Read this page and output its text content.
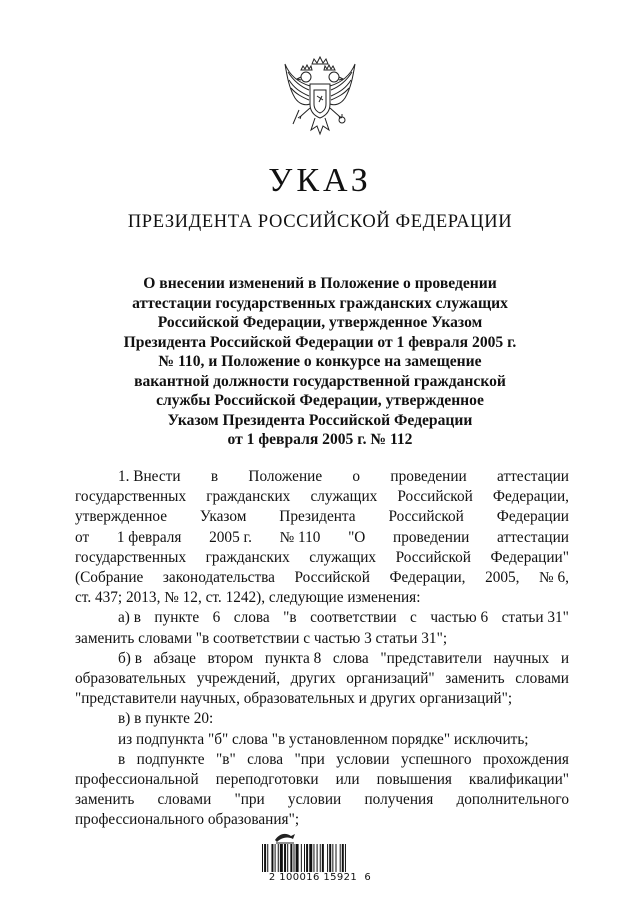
УКАЗ
ПРЕЗИДЕНТА РОССИЙСКОЙ ФЕДЕРАЦИИ
О внесении изменений в Положение о проведении
аттестации государственных гражданских служащих
Российской Федерации, утвержденное Указом
Президента Российской Федерации от 1 февраля 2005 г.
№ 110, и Положение о конкурсе на замещение
вакантной должности государственной гражданской
службы Российской Федерации, утвержденное
Указом Президента Российской Федерации
от 1 февраля 2005 г. № 112
1. Внести в Положение о проведении аттестации
государственных гражданских служащих Российской Федерации,
утвержденное Указом Президента Российской Федерации
от 1 февраля 2005 г. № 110 "О проведении аттестации
государственных гражданских служащих Российской Федерации"
(Собрание законодательства Российской Федерации, 2005, № 6,
ст. 437; 2013, № 12, ст. 1242), следующие изменения:
а) в пункте 6 слова "в соответствии с частью 6 статьи 31"
заменить словами "в соответствии с частью 3 статьи 31";
б) в абзаце втором пункта 8 слова "представители научных и
образовательных учреждений, других организаций" заменить словами
"представители научных, образовательных и других организаций";
в) в пункте 20:
из подпункта "б" слова "в установленном порядке" исключить;
в подпункте "в" слова "при условии успешного прохождения
профессиональной переподготовки или повышения квалификации"
заменить словами "при условии получения дополнительного
профессионального образования";
2 100016 15921  6
